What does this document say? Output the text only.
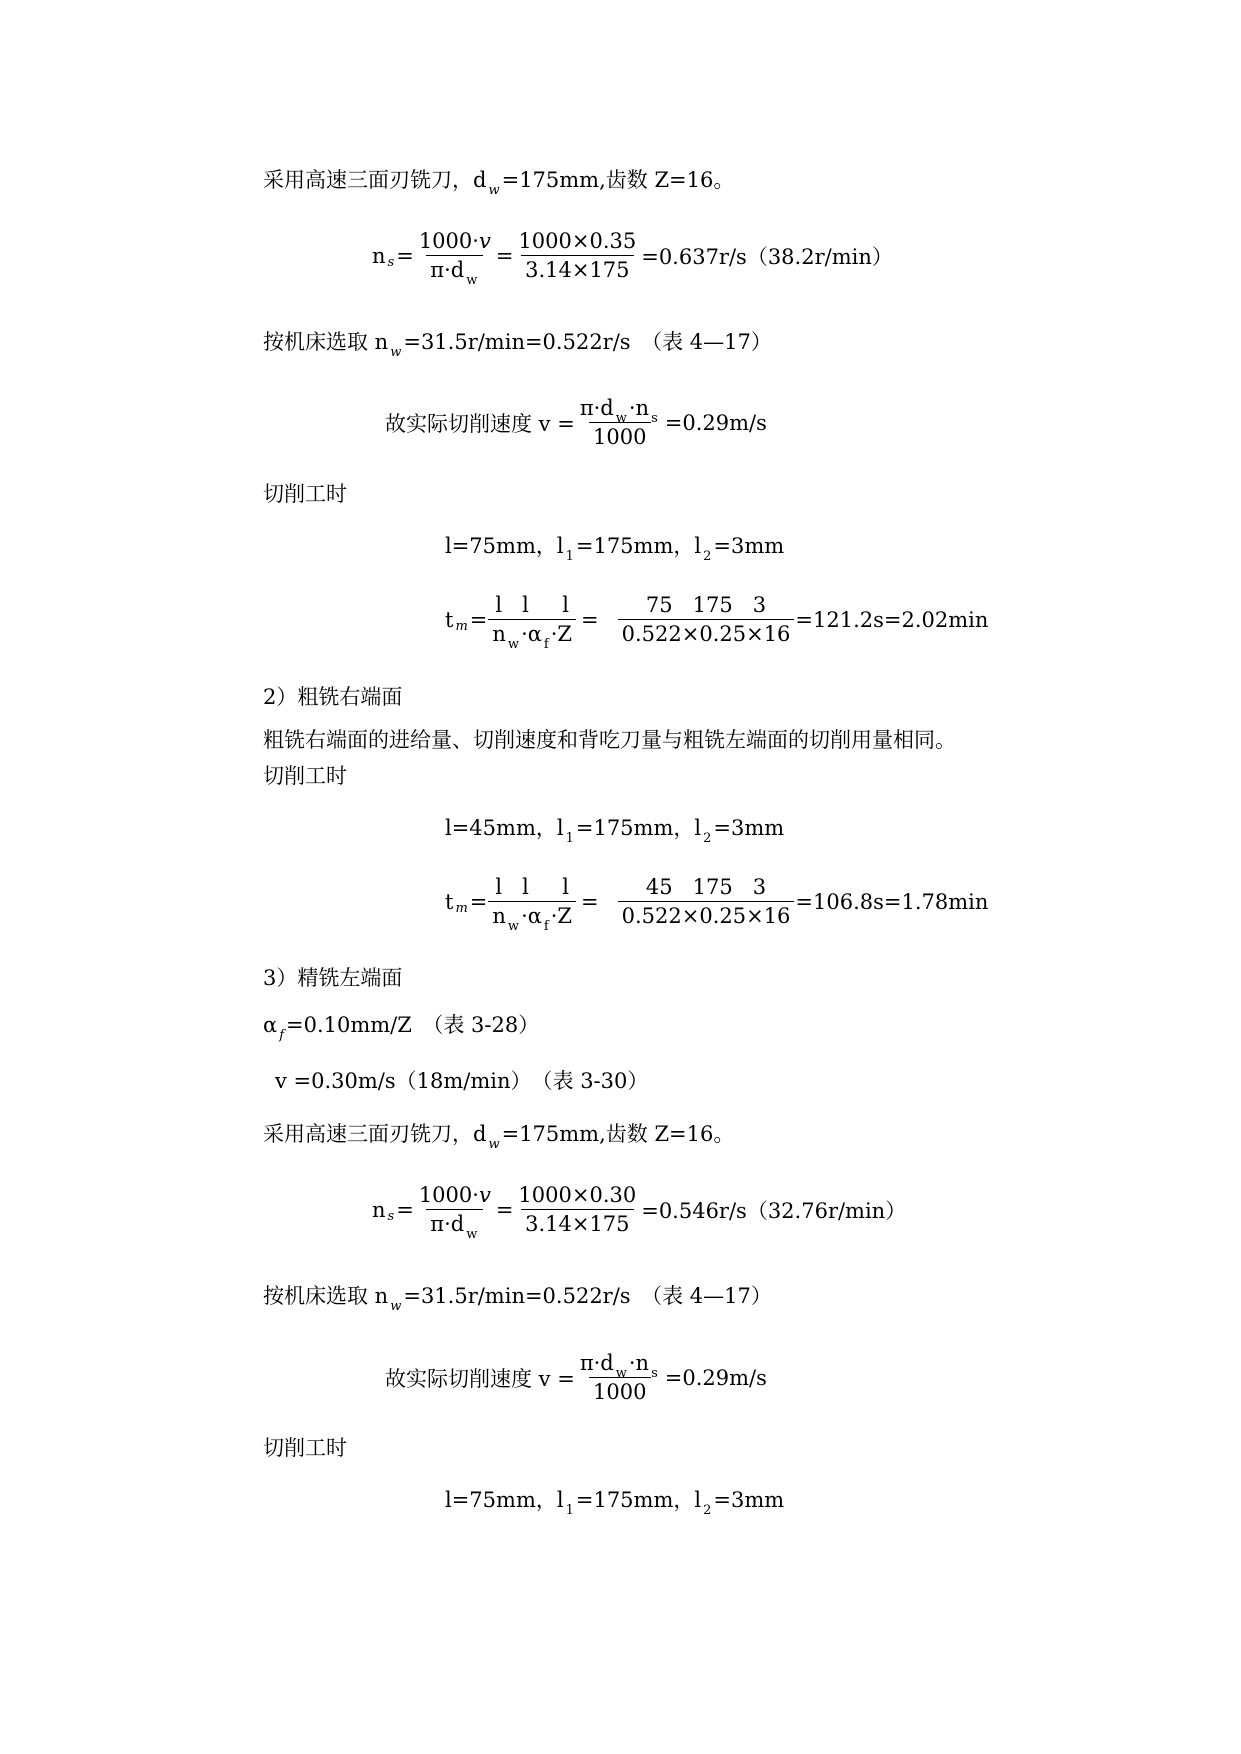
采用高速三面刃铣刀，d $_w$=175mm,齿数 Z=16。
n $s = \frac{1000\cdot v}{\pi\cdot d _w} = \frac{1000\times 0.35}{3.14\times 175} =0.637r/s(38.2r/\min)$
按机床选取 n $_w$=31.5r/min=0.522r/s　（表 4—17）
故实际切削速度 $v = \frac{\pi\cdot d _w\cdot n _s}{1000} =0.29m/s$
切削工时
l=75mm，l $_1$=175mm，l $_2$=3mm
t $m = \frac{\text{l   l     l}}{n _w\cdot\alpha _f\cdot Z} = \frac{75 175 3}{0.522\times 0.25\times 16} =121.2s=2.02\min$
2）粗铣右端面
粗铣右端面的进给量、切削速度和背吃刀量与粗铣左端面的切削用量相同。
切削工时
l=45mm，l $_1$=175mm，l $_2$=3mm
t $m = \frac{\text{l   l     l}}{n _w\cdot\alpha _f\cdot Z} = \frac{45 175 3}{0.522\times 0.25\times 16} =106.8s=1.78\min$
3）精铣左端面
α $_f$=0.10mm/Z　（表 3-28）
v =0.30m/s（18m/min）　（表 3-30）
采用高速三面刃铣刀，d $_w$=175mm,齿数 Z=16。
n $s = \frac{1000\cdot v}{\pi\cdot d _w} = \frac{1000\times 0.30}{3.14\times 175} =0.546r/s(32.76r/\min)$
按机床选取 n $_w$=31.5r/min=0.522r/s　（表 4—17）
故实际切削速度 $v = \frac{\pi\cdot d _w\cdot n _s}{1000} =0.29m/s$
切削工时
l=75mm，l $_1$=175mm，l $_2$=3mm
